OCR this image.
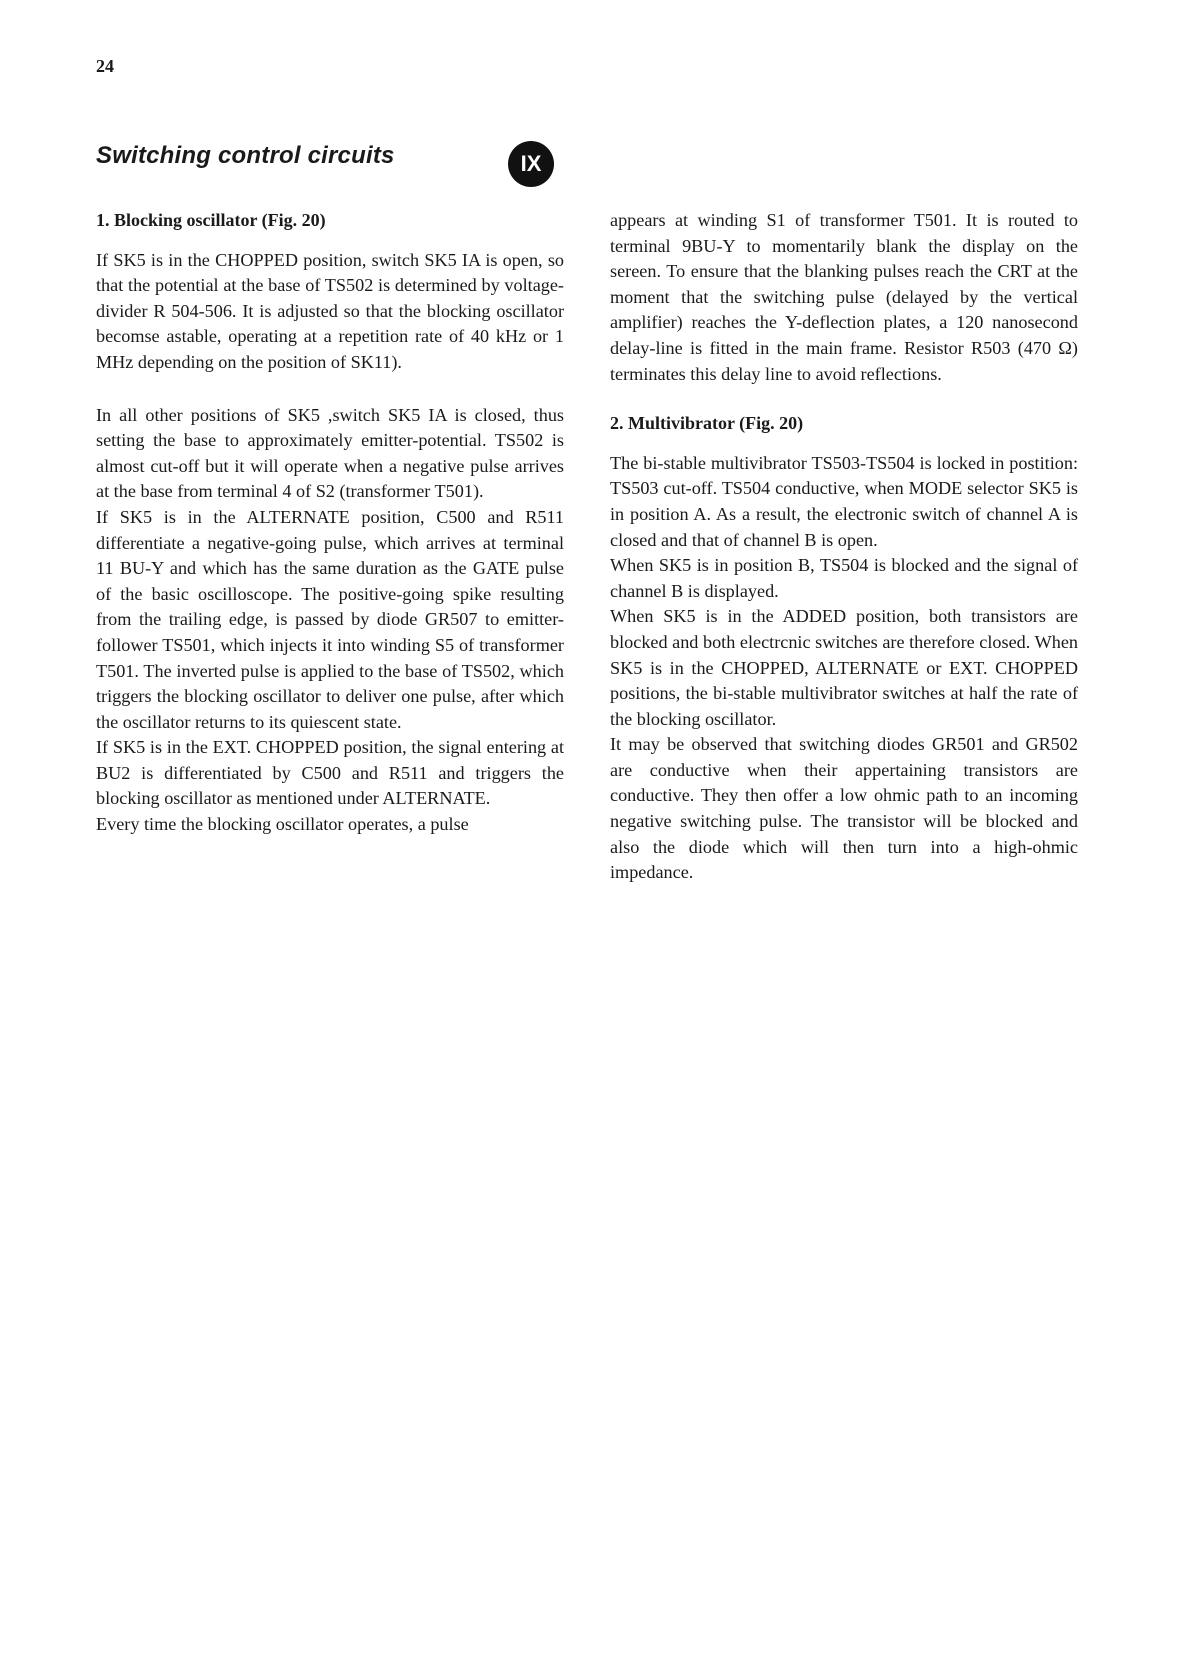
24
Switching control circuits	IX
1. Blocking oscillator (Fig. 20)

If SK5 is in the CHOPPED position, switch SK5 IA is open, so that the potential at the base of TS502 is determined by voltage-divider R 504-506. It is adjusted so that the blocking oscillator becomse astable, operating at a repetition rate of 40 kHz or 1 MHz depending on the position of SK11).

In all other positions of SK5 ,switch SK5 IA is closed, thus setting the base to approximately emitter-potential. TS502 is almost cut-off but it will operate when a negative pulse arrives at the base from terminal 4 of S2 (transformer T501).

If SK5 is in the ALTERNATE position, C500 and R511 differentiate a negative-going pulse, which arrives at terminal 11 BU-Y and which has the same duration as the GATE pulse of the basic oscilloscope. The positive-going spike resulting from the trailing edge, is passed by diode GR507 to emitter-follower TS501, which injects it into winding S5 of transformer T501. The inverted pulse is applied to the base of TS502, which triggers the blocking oscillator to deliver one pulse, after which the oscillator returns to its quiescent state.

If SK5 is in the EXT. CHOPPED position, the signal entering at BU2 is differentiated by C500 and R511 and triggers the blocking oscillator as mentioned under ALTERNATE.

Every time the blocking oscillator operates, a pulse

appears at winding S1 of transformer T501. It is routed to terminal 9BU-Y to momentarily blank the display on the sereen. To ensure that the blanking pulses reach the CRT at the moment that the switching pulse (delayed by the vertical amplifier) reaches the Y-deflection plates, a 120 nanosecond delay-line is fitted in the main frame. Resistor R503 (470 Ω) terminates this delay line to avoid reflections.

2. Multivibrator (Fig. 20)

The bi-stable multivibrator TS503-TS504 is locked in postition: TS503 cut-off. TS504 conductive, when MODE selector SK5 is in position A. As a result, the electronic switch of channel A is closed and that of channel B is open.

When SK5 is in position B, TS504 is blocked and the signal of channel B is displayed.

When SK5 is in the ADDED position, both transistors are blocked and both electrcnic switches are therefore closed. When SK5 is in the CHOPPED, ALTERNATE or EXT. CHOPPED positions, the bi-stable multivibrator switches at half the rate of the blocking oscillator.

It may be observed that switching diodes GR501 and GR502 are conductive when their appertaining transistors are conductive. They then offer a low ohmic path to an incoming negative switching pulse. The transistor will be blocked and also the diode which will then turn into a high-ohmic impedance.
